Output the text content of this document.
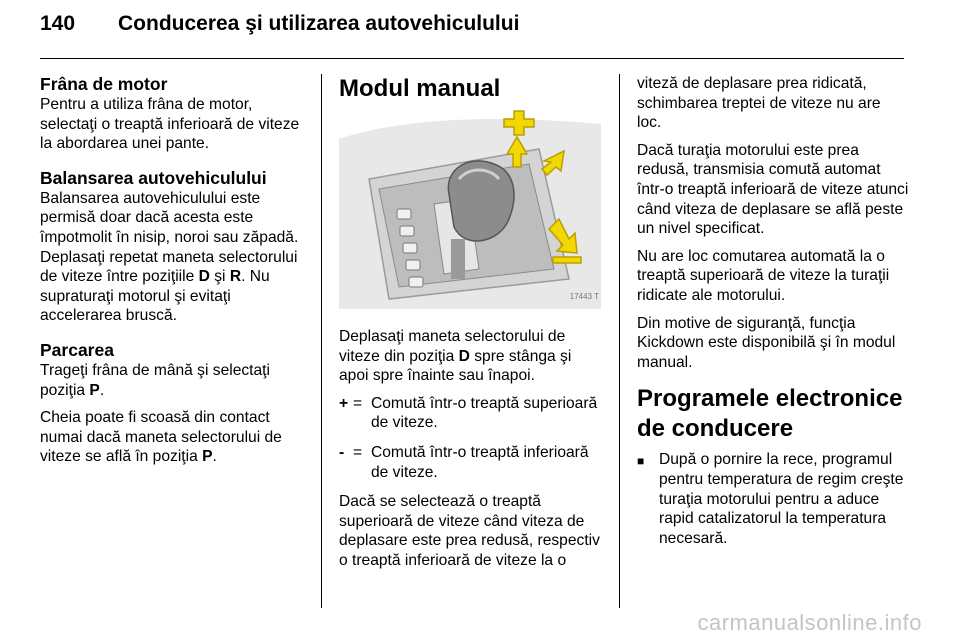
140	Conducerea şi utilizarea autovehiculului
Frâna de motor

Pentru a utiliza frâna de motor, selectaţi o treaptă inferioară de viteze la abordarea unei pante.

Balansarea autovehiculului

Balansarea autovehiculului este permisă doar dacă acesta este împotmolit în nisip, noroi sau zăpadă. Deplasaţi repetat maneta selectorului de viteze între poziţiile D şi R. Nu supraturaţi motorul şi evitaţi accelerarea bruscă.

Parcarea

Trageţi frâna de mână şi selectaţi poziţia P.

Cheia poate fi scoasă din contact numai dacă maneta selectorului de viteze se află în poziţia P.

Modul manual
17443 T

Deplasaţi maneta selectorului de viteze din poziţia D spre stânga şi apoi spre înainte sau înapoi.

+ = Comută într-o treaptă superioară de viteze.
- = Comută într-o treaptă inferioară de viteze.

Dacă se selectează o treaptă superioară de viteze când viteza de deplasare este prea redusă, respectiv o treaptă inferioară de viteze la o

viteză de deplasare prea ridicată, schimbarea treptei de viteze nu are loc.

Dacă turaţia motorului este prea redusă, transmisia comută automat într-o treaptă inferioară de viteze atunci când viteza de deplasare se află peste un nivel specificat.

Nu are loc comutarea automată la o treaptă superioară de viteze la turaţii ridicate ale motorului.

Din motive de siguranţă, funcţia Kickdown este disponibilă şi în modul manual.

Programele electronice de conducere
■ După o pornire la rece, programul pentru temperatura de regim creşte turaţia motorului pentru a aduce rapid catalizatorul la temperatura necesară.
carmanualsonline.info
